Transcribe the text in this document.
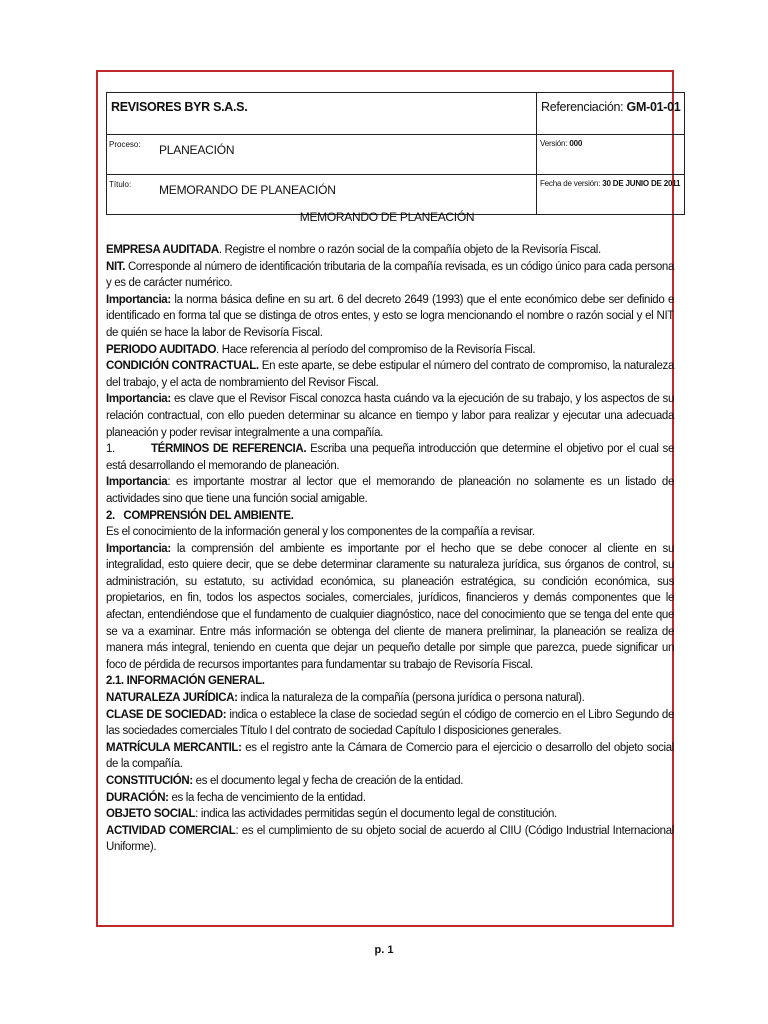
REVISORES BYR S.A.S.	Referenciación: GM-01-01
Proceso: PLANEACIÓN	Versión: 000
Título: MEMORANDO DE PLANEACIÓN	Fecha de versión: 30 DE JUNIO DE 2011
MEMORANDO DE PLANEACIÓN

EMPRESA AUDITADA. Registre el nombre o razón social de la compañía objeto de la Revisoría Fiscal.

NIT. Corresponde al número de identificación tributaria de la compañía revisada, es un código único para cada persona y es de carácter numérico.

Importancia: la norma básica define en su art. 6 del decreto 2649 (1993) que el ente económico debe ser definido e identificado en forma tal que se distinga de otros entes, y esto se logra mencionando el nombre o razón social y el NIT de quién se hace la labor de Revisoría Fiscal.

PERIODO AUDITADO. Hace referencia al período del compromiso de la Revisoría Fiscal.

CONDICIÓN CONTRACTUAL. En este aparte, se debe estipular el número del contrato de compromiso, la naturaleza del trabajo, y el acta de nombramiento del Revisor Fiscal.

Importancia: es clave que el Revisor Fiscal conozca hasta cuándo va la ejecución de su trabajo, y los aspectos de su relación contractual, con ello pueden determinar su alcance en tiempo y labor para realizar y ejecutar una adecuada planeación y poder revisar integralmente a una compañía.

1.	TÉRMINOS DE REFERENCIA. Escriba una pequeña introducción que determine el objetivo por el cual se está desarrollando el memorando de planeación.

Importancia: es importante mostrar al lector que el memorando de planeación no solamente es un listado de actividades sino que tiene una función social amigable.

2.   COMPRENSIÓN DEL AMBIENTE.

Es el conocimiento de la información general y los componentes de la compañía a revisar.

Importancia: la comprensión del ambiente es importante por el hecho que se debe conocer al cliente en su integralidad, esto quiere decir, que se debe determinar claramente su naturaleza jurídica, sus órganos de control, su administración, su estatuto, su actividad económica, su planeación estratégica, su condición económica, sus propietarios, en fin, todos los aspectos sociales, comerciales, jurídicos, financieros y demás componentes que le afectan, entendiéndose que el fundamento de cualquier diagnóstico, nace del conocimiento que se tenga del ente que se va a examinar. Entre más información se obtenga del cliente de manera preliminar, la planeación se realiza de manera más integral, teniendo en cuenta que dejar un pequeño detalle por simple que parezca, puede significar un foco de pérdida de recursos importantes para fundamentar su trabajo de Revisoría Fiscal.

2.1. INFORMACIÓN GENERAL.

NATURALEZA JURÍDICA: indica la naturaleza de la compañía (persona jurídica o persona natural).

CLASE DE SOCIEDAD: indica o establece la clase de sociedad según el código de comercio en el Libro Segundo de las sociedades comerciales Título I del contrato de sociedad Capítulo I disposiciones generales.

MATRÍCULA MERCANTIL: es el registro ante la Cámara de Comercio para el ejercicio o desarrollo del objeto social de la compañía.

CONSTITUCIÓN: es el documento legal y fecha de creación de la entidad.

DURACIÓN: es la fecha de vencimiento de la entidad.

OBJETO SOCIAL: indica las actividades permitidas según el documento legal de constitución.

ACTIVIDAD COMERCIAL: es el cumplimiento de su objeto social de acuerdo al CIIU (Código Industrial Internacional Uniforme).

p. 1
